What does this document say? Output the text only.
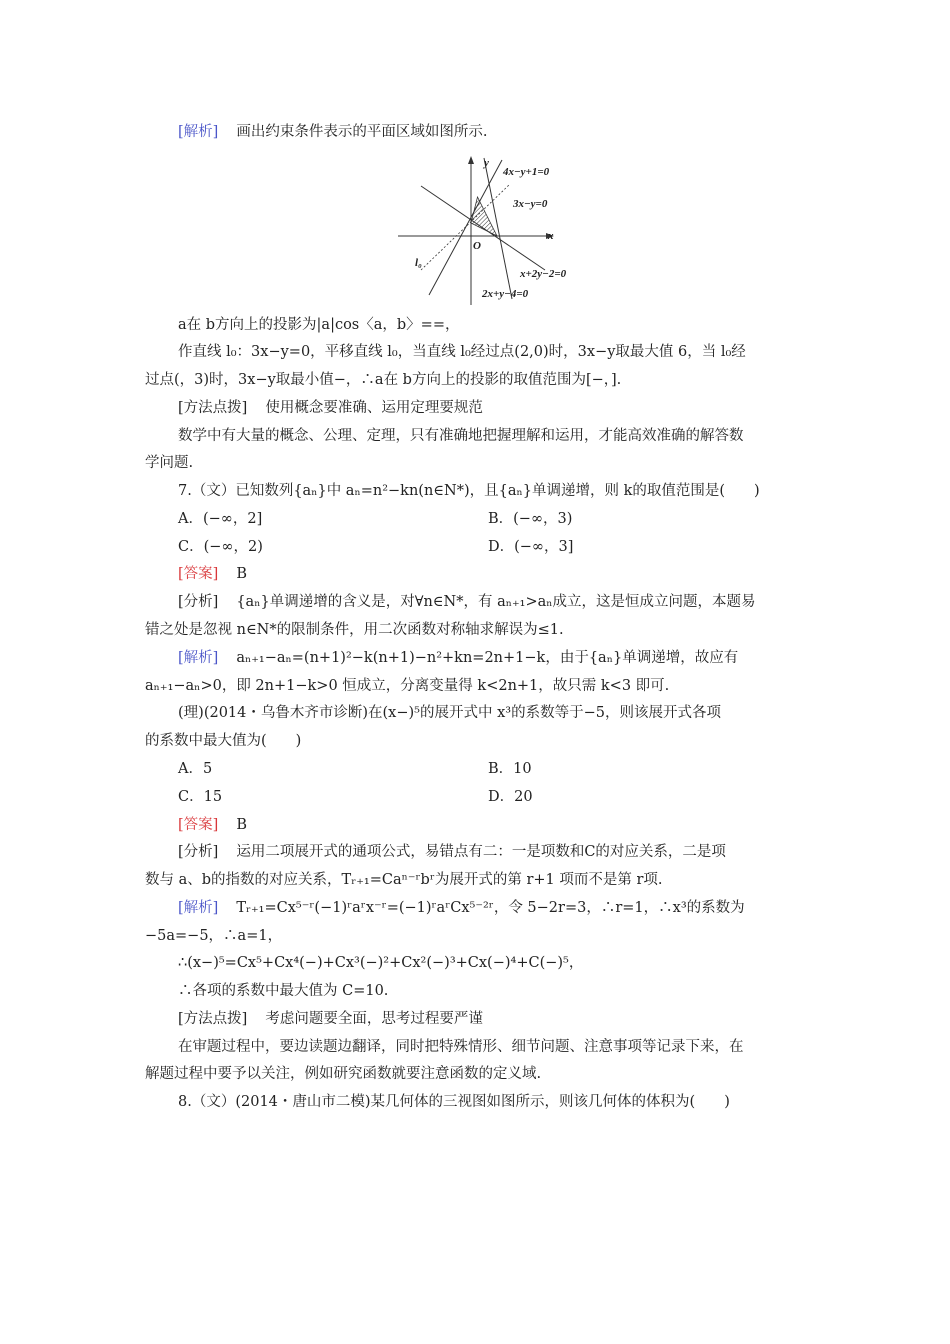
[解析] 画出约束条件表示的平面区域如图所示.
y
x
O
l₀
4x−y+1=0
3x−y=0
x+2y−2=0
2x+y−4=0
a在 b方向上的投影为|a|cos〈a，b〉==，
作直线 l₀：3x−y=0，平移直线 l₀，当直线 l₀经过点(2,0)时，3x−y取最大值 6，当 l₀经
过点(，3)时，3x−y取最小值−，∴a在 b方向上的投影的取值范围为[−，].
[方法点拨] 使用概念要准确、运用定理要规范
数学中有大量的概念、公理、定理，只有准确地把握理解和运用，才能高效准确的解答数
学问题.
7.（文）已知数列{aₙ}中 aₙ=n²−kn(n∈N*)，且{aₙ}单调递增，则 k的取值范围是(　　)
A．(−∞，2]	B．(−∞，3)
C．(−∞，2)	D．(−∞，3]
[答案] B
[分析] {aₙ}单调递增的含义是，对∀n∈N*，有 aₙ₊₁>aₙ成立，这是恒成立问题，本题易
错之处是忽视 n∈N*的限制条件，用二次函数对称轴求解误为≤1.
[解析] aₙ₊₁−aₙ=(n+1)²−k(n+1)−n²+kn=2n+1−k，由于{aₙ}单调递增，故应有
aₙ₊₁−aₙ>0，即 2n+1−k>0 恒成立，分离变量得 k<2n+1，故只需 k<3 即可.
(理)(2014・乌鲁木齐市诊断)在(x−)⁵的展开式中 x³的系数等于−5，则该展开式各项
的系数中最大值为(　　)
A．5	B．10
C．15	D．20
[答案] B
[分析] 运用二项展开式的通项公式，易错点有二：一是项数和C的对应关系，二是项
数与 a、b的指数的对应关系，Tᵣ₊₁=Caⁿ⁻ʳbʳ为展开式的第 r+1 项而不是第 r项.
[解析] Tᵣ₊₁=Cx⁵⁻ʳ(−1)ʳaʳx⁻ʳ=(−1)ʳaʳCx⁵⁻²ʳ，令 5−2r=3，∴r=1，∴x³的系数为
−5a=−5，∴a=1，
∴(x−)⁵=Cx⁵+Cx⁴(−)+Cx³(−)²+Cx²(−)³+Cx(−)⁴+C(−)⁵，
∴各项的系数中最大值为 C=10.
[方法点拨] 考虑问题要全面，思考过程要严谨
在审题过程中，要边读题边翻译，同时把特殊情形、细节问题、注意事项等记录下来，在
解题过程中要予以关注，例如研究函数就要注意函数的定义域.
8.（文）(2014・唐山市二模)某几何体的三视图如图所示，则该几何体的体积为(　　)
